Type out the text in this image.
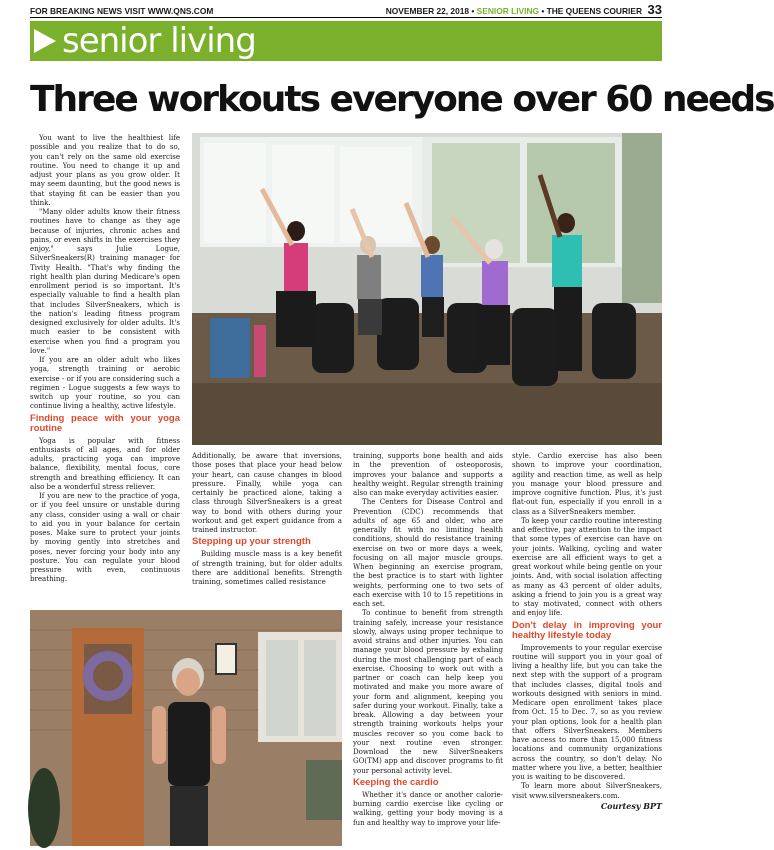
FOR BREAKING NEWS VISIT WWW.QNS.COM	NOVEMBER 22, 2018 • SENIOR LIVING • THE QUEENS COURIER 33
senior living
Three workouts everyone over 60 needs

You want to live the healthiest life possible and you realize that to do so, you can't rely on the same old exercise routine. You need to change it up and adjust your plans as you grow older. It may seem daunting, but the good news is that staying fit can be easier than you think.

"Many older adults know their fitness routines have to change as they age because of injuries, chronic aches and pains, or even shifts in the exercises they enjoy," says Julie Logue, SilverSneakers(R) training manager for Tivity Health. "That's why finding the right health plan during Medicare's open enrollment period is so important. It's especially valuable to find a health plan that includes SilverSneakers, which is the nation's leading fitness program designed exclusively for older adults. It's much easier to be consistent with exercise when you find a program you love."

If you are an older adult who likes yoga, strength training or aerobic exercise - or if you are considering such a regimen - Logue suggests a few ways to switch up your routine, so you can continue living a healthy, active lifestyle.

Finding peace with your yoga routine

Yoga is popular with fitness enthusiasts of all ages, and for older adults, practicing yoga can improve balance, flexibility, mental focus, core strength and breathing efficiency. It can also be a wonderful stress reliever.

If you are new to the practice of yoga, or if you feel unsure or unstable during any class, consider using a wall or chair to aid you in your balance for certain poses. Make sure to protect your joints by moving gently into stretches and poses, never forcing your body into any posture. You can regulate your blood pressure with even, continuous breathing.

Additionally, be aware that inversions, those poses that place your head below your heart, can cause changes in blood pressure. Finally, while yoga can certainly be practiced alone, taking a class through SilverSneakers is a great way to bond with others during your workout and get expert guidance from a trained instructor.

Stepping up your strength

Building muscle mass is a key benefit of strength training, but for older adults there are additional benefits. Strength training, sometimes called resistance

training, supports bone health and aids in the prevention of osteoporosis, improves your balance and supports a healthy weight. Regular strength training also can make everyday activities easier.

The Centers for Disease Control and Prevention (CDC) recommends that adults of age 65 and older, who are generally fit with no limiting health conditions, should do resistance training exercise on two or more days a week, focusing on all major muscle groups. When beginning an exercise program, the best practice is to start with lighter weights, performing one to two sets of each exercise with 10 to 15 repetitions in each set.

To continue to benefit from strength training safely, increase your resistance slowly, always using proper technique to avoid strains and other injuries. You can manage your blood pressure by exhaling during the most challenging part of each exercise. Choosing to work out with a partner or coach can help keep you motivated and make you more aware of your form and alignment, keeping you safer during your workout. Finally, take a break. Allowing a day between your strength training workouts helps your muscles recover so you come back to your next routine even stronger. Download the new SilverSneakers GO(TM) app and discover programs to fit your personal activity level.

Keeping the cardio

Whether it's dance or another calorie-burning cardio exercise like cycling or walking, getting your body moving is a fun and healthy way to improve your life-

style. Cardio exercise has also been shown to improve your coordination, agility and reaction time, as well as help you manage your blood pressure and improve cognitive function. Plus, it's just flat-out fun, especially if you enroll in a class as a SilverSneakers member.

To keep your cardio routine interesting and effective, pay attention to the impact that some types of exercise can have on your joints. Walking, cycling and water exercise are all efficient ways to get a great workout while being gentle on your joints. And, with social isolation affecting as many as 43 percent of older adults, asking a friend to join you is a great way to stay motivated, connect with others and enjoy life.

Don't delay in improving your healthy lifestyle today

Improvements to your regular exercise routine will support you in your goal of living a healthy life, but you can take the next step with the support of a program that includes classes, digital tools and workouts designed with seniors in mind. Medicare open enrollment takes place from Oct. 15 to Dec. 7, so as you review your plan options, look for a health plan that offers SilverSneakers. Members have access to more than 15,000 fitness locations and community organizations across the country, so don't delay. No matter where you live, a better, healthier you is waiting to be discovered.

To learn more about SilverSneakers, visit www.silversneakers.com.

Courtesy BPT
